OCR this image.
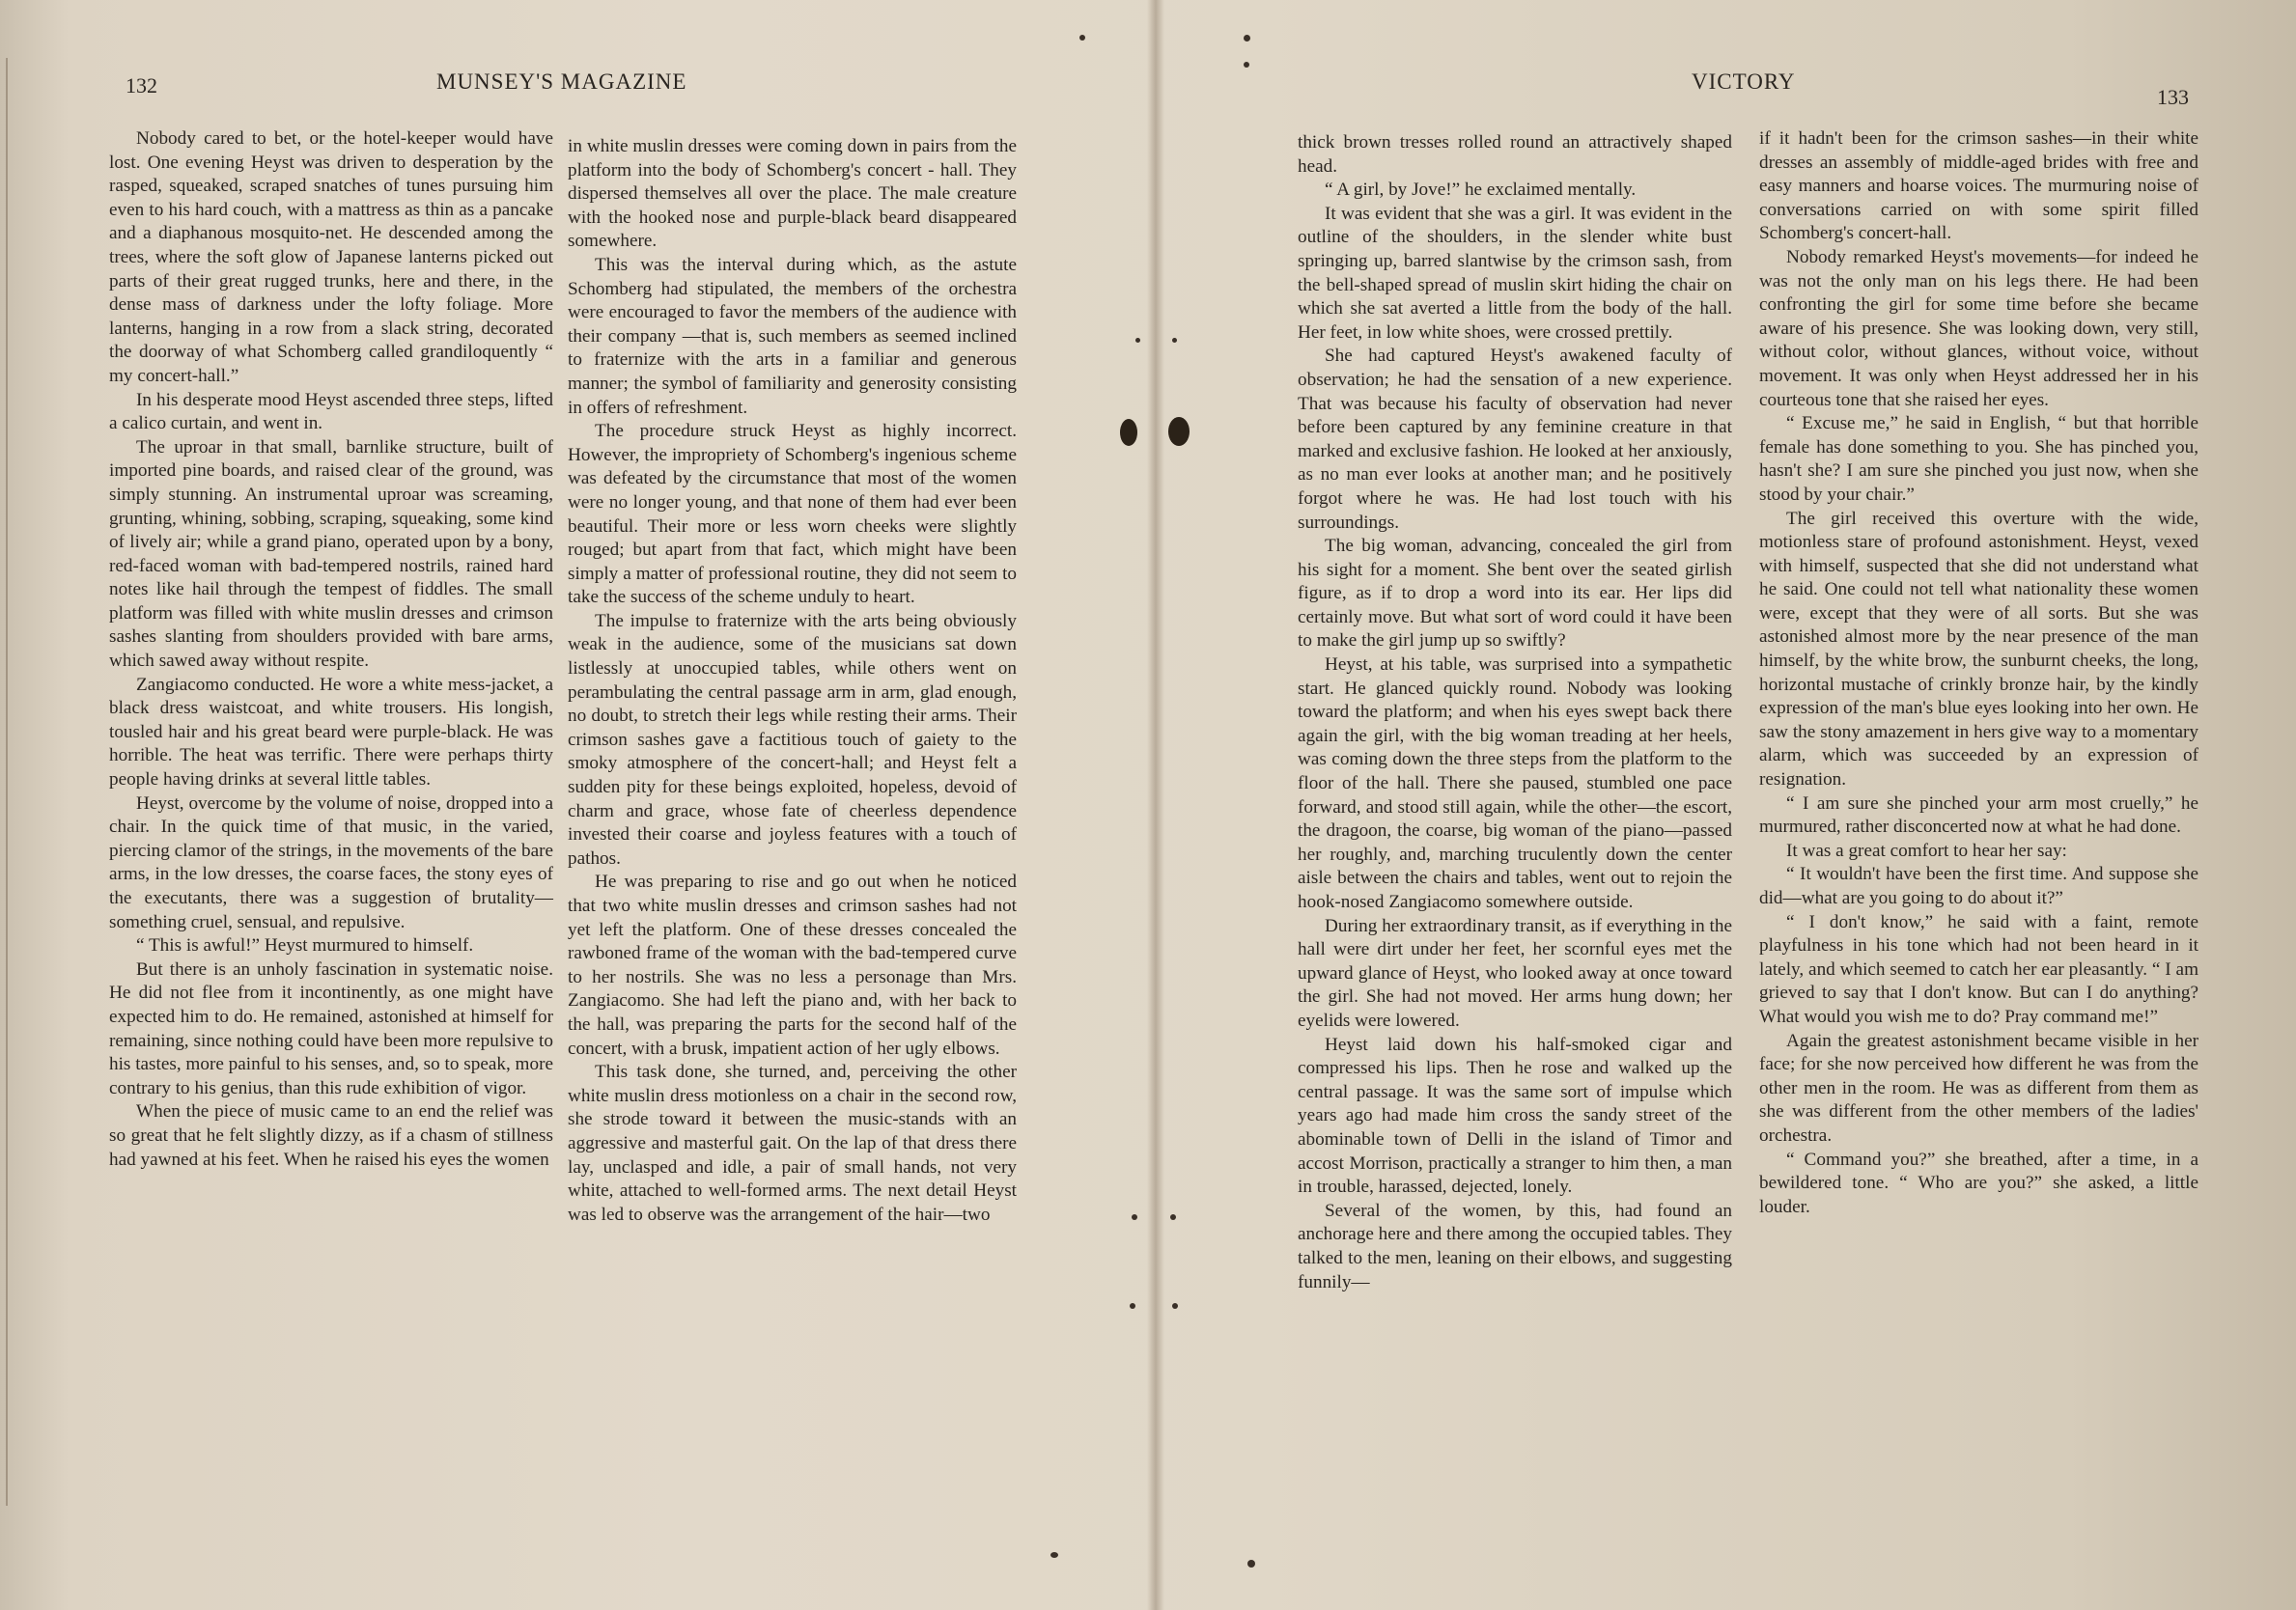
132	MUNSEY'S MAGAZINE

Nobody cared to bet, or the hotel-keeper would have lost. One evening Heyst was driven to desperation by the rasped, squeaked, scraped snatches of tunes pursuing him even to his hard couch, with a mattress as thin as a pancake and a diaphanous mosquito-net. He descended among the trees, where the soft glow of Japanese lanterns picked out parts of their great rugged trunks, here and there, in the dense mass of darkness under the lofty foliage. More lanterns, hanging in a row from a slack string, decorated the doorway of what Schomberg called grandiloquently “ my concert-hall.”

In his desperate mood Heyst ascended three steps, lifted a calico curtain, and went in.

The uproar in that small, barnlike structure, built of imported pine boards, and raised clear of the ground, was simply stunning. An instrumental uproar was screaming, grunting, whining, sobbing, scraping, squeaking, some kind of lively air; while a grand piano, operated upon by a bony, red-faced woman with bad-tempered nostrils, rained hard notes like hail through the tempest of fiddles. The small platform was filled with white muslin dresses and crimson sashes slanting from shoulders provided with bare arms, which sawed away without respite.

Zangiacomo conducted. He wore a white mess-jacket, a black dress waistcoat, and white trousers. His longish, tousled hair and his great beard were purple-black. He was horrible. The heat was terrific. There were perhaps thirty people having drinks at several little tables.

Heyst, overcome by the volume of noise, dropped into a chair. In the quick time of that music, in the varied, piercing clamor of the strings, in the movements of the bare arms, in the low dresses, the coarse faces, the stony eyes of the executants, there was a suggestion of brutality—something cruel, sensual, and repulsive.

“ This is awful!” Heyst murmured to himself.

But there is an unholy fascination in systematic noise. He did not flee from it incontinently, as one might have expected him to do. He remained, astonished at himself for remaining, since nothing could have been more repulsive to his tastes, more painful to his senses, and, so to speak, more contrary to his genius, than this rude exhibition of vigor.

When the piece of music came to an end the relief was so great that he felt slightly dizzy, as if a chasm of stillness had yawned at his feet. When he raised his eyes the women

in white muslin dresses were coming down in pairs from the platform into the body of Schomberg's concert - hall. They dispersed themselves all over the place. The male creature with the hooked nose and purple-black beard disappeared somewhere.

This was the interval during which, as the astute Schomberg had stipulated, the members of the orchestra were encouraged to favor the members of the audience with their company —that is, such members as seemed inclined to fraternize with the arts in a familiar and generous manner; the symbol of familiarity and generosity consisting in offers of refreshment.

The procedure struck Heyst as highly incorrect. However, the impropriety of Schomberg's ingenious scheme was defeated by the circumstance that most of the women were no longer young, and that none of them had ever been beautiful. Their more or less worn cheeks were slightly rouged; but apart from that fact, which might have been simply a matter of professional routine, they did not seem to take the success of the scheme unduly to heart.

The impulse to fraternize with the arts being obviously weak in the audience, some of the musicians sat down listlessly at unoccupied tables, while others went on perambulating the central passage arm in arm, glad enough, no doubt, to stretch their legs while resting their arms. Their crimson sashes gave a factitious touch of gaiety to the smoky atmosphere of the concert-hall; and Heyst felt a sudden pity for these beings exploited, hopeless, devoid of charm and grace, whose fate of cheerless dependence invested their coarse and joyless features with a touch of pathos.

He was preparing to rise and go out when he noticed that two white muslin dresses and crimson sashes had not yet left the platform. One of these dresses concealed the rawboned frame of the woman with the bad-tempered curve to her nostrils. She was no less a personage than Mrs. Zangiacomo. She had left the piano and, with her back to the hall, was preparing the parts for the second half of the concert, with a brusk, impatient action of her ugly elbows.

This task done, she turned, and, perceiving the other white muslin dress motionless on a chair in the second row, she strode toward it between the music-stands with an aggressive and masterful gait. On the lap of that dress there lay, unclasped and idle, a pair of small hands, not very white, attached to well-formed arms. The next detail Heyst was led to observe was the arrangement of the hair—two

VICTORY
133

thick brown tresses rolled round an attractively shaped head.

“ A girl, by Jove!” he exclaimed mentally.

It was evident that she was a girl. It was evident in the outline of the shoulders, in the slender white bust springing up, barred slantwise by the crimson sash, from the bell-shaped spread of muslin skirt hiding the chair on which she sat averted a little from the body of the hall. Her feet, in low white shoes, were crossed prettily.

She had captured Heyst's awakened faculty of observation; he had the sensation of a new experience. That was because his faculty of observation had never before been captured by any feminine creature in that marked and exclusive fashion. He looked at her anxiously, as no man ever looks at another man; and he positively forgot where he was. He had lost touch with his surroundings.

The big woman, advancing, concealed the girl from his sight for a moment. She bent over the seated girlish figure, as if to drop a word into its ear. Her lips did certainly move. But what sort of word could it have been to make the girl jump up so swiftly?

Heyst, at his table, was surprised into a sympathetic start. He glanced quickly round. Nobody was looking toward the platform; and when his eyes swept back there again the girl, with the big woman treading at her heels, was coming down the three steps from the platform to the floor of the hall. There she paused, stumbled one pace forward, and stood still again, while the other—the escort, the dragoon, the coarse, big woman of the piano—passed her roughly, and, marching truculently down the center aisle between the chairs and tables, went out to rejoin the hook-nosed Zangiacomo somewhere outside.

During her extraordinary transit, as if everything in the hall were dirt under her feet, her scornful eyes met the upward glance of Heyst, who looked away at once toward the girl. She had not moved. Her arms hung down; her eyelids were lowered.

Heyst laid down his half-smoked cigar and compressed his lips. Then he rose and walked up the central passage. It was the same sort of impulse which years ago had made him cross the sandy street of the abominable town of Delli in the island of Timor and accost Morrison, practically a stranger to him then, a man in trouble, harassed, dejected, lonely.

Several of the women, by this, had found an anchorage here and there among the occupied tables. They talked to the men, leaning on their elbows, and suggesting funnily—

if it hadn't been for the crimson sashes—in their white dresses an assembly of middle-aged brides with free and easy manners and hoarse voices. The murmuring noise of conversations carried on with some spirit filled Schomberg's concert-hall.

Nobody remarked Heyst's movements—for indeed he was not the only man on his legs there. He had been confronting the girl for some time before she became aware of his presence. She was looking down, very still, without color, without glances, without voice, without movement. It was only when Heyst addressed her in his courteous tone that she raised her eyes.

“ Excuse me,” he said in English, “ but that horrible female has done something to you. She has pinched you, hasn't she? I am sure she pinched you just now, when she stood by your chair.”

The girl received this overture with the wide, motionless stare of profound astonishment. Heyst, vexed with himself, suspected that she did not understand what he said. One could not tell what nationality these women were, except that they were of all sorts. But she was astonished almost more by the near presence of the man himself, by the white brow, the sunburnt cheeks, the long, horizontal mustache of crinkly bronze hair, by the kindly expression of the man's blue eyes looking into her own. He saw the stony amazement in hers give way to a momentary alarm, which was succeeded by an expression of resignation.

“ I am sure she pinched your arm most cruelly,” he murmured, rather disconcerted now at what he had done.

It was a great comfort to hear her say:

“ It wouldn't have been the first time. And suppose she did—what are you going to do about it?”

“ I don't know,” he said with a faint, remote playfulness in his tone which had not been heard in it lately, and which seemed to catch her ear pleasantly. “ I am grieved to say that I don't know. But can I do anything? What would you wish me to do? Pray command me!”

Again the greatest astonishment became visible in her face; for she now perceived how different he was from the other men in the room. He was as different from them as she was different from the other members of the ladies' orchestra.

“ Command you?” she breathed, after a time, in a bewildered tone. “ Who are you?” she asked, a little louder.
